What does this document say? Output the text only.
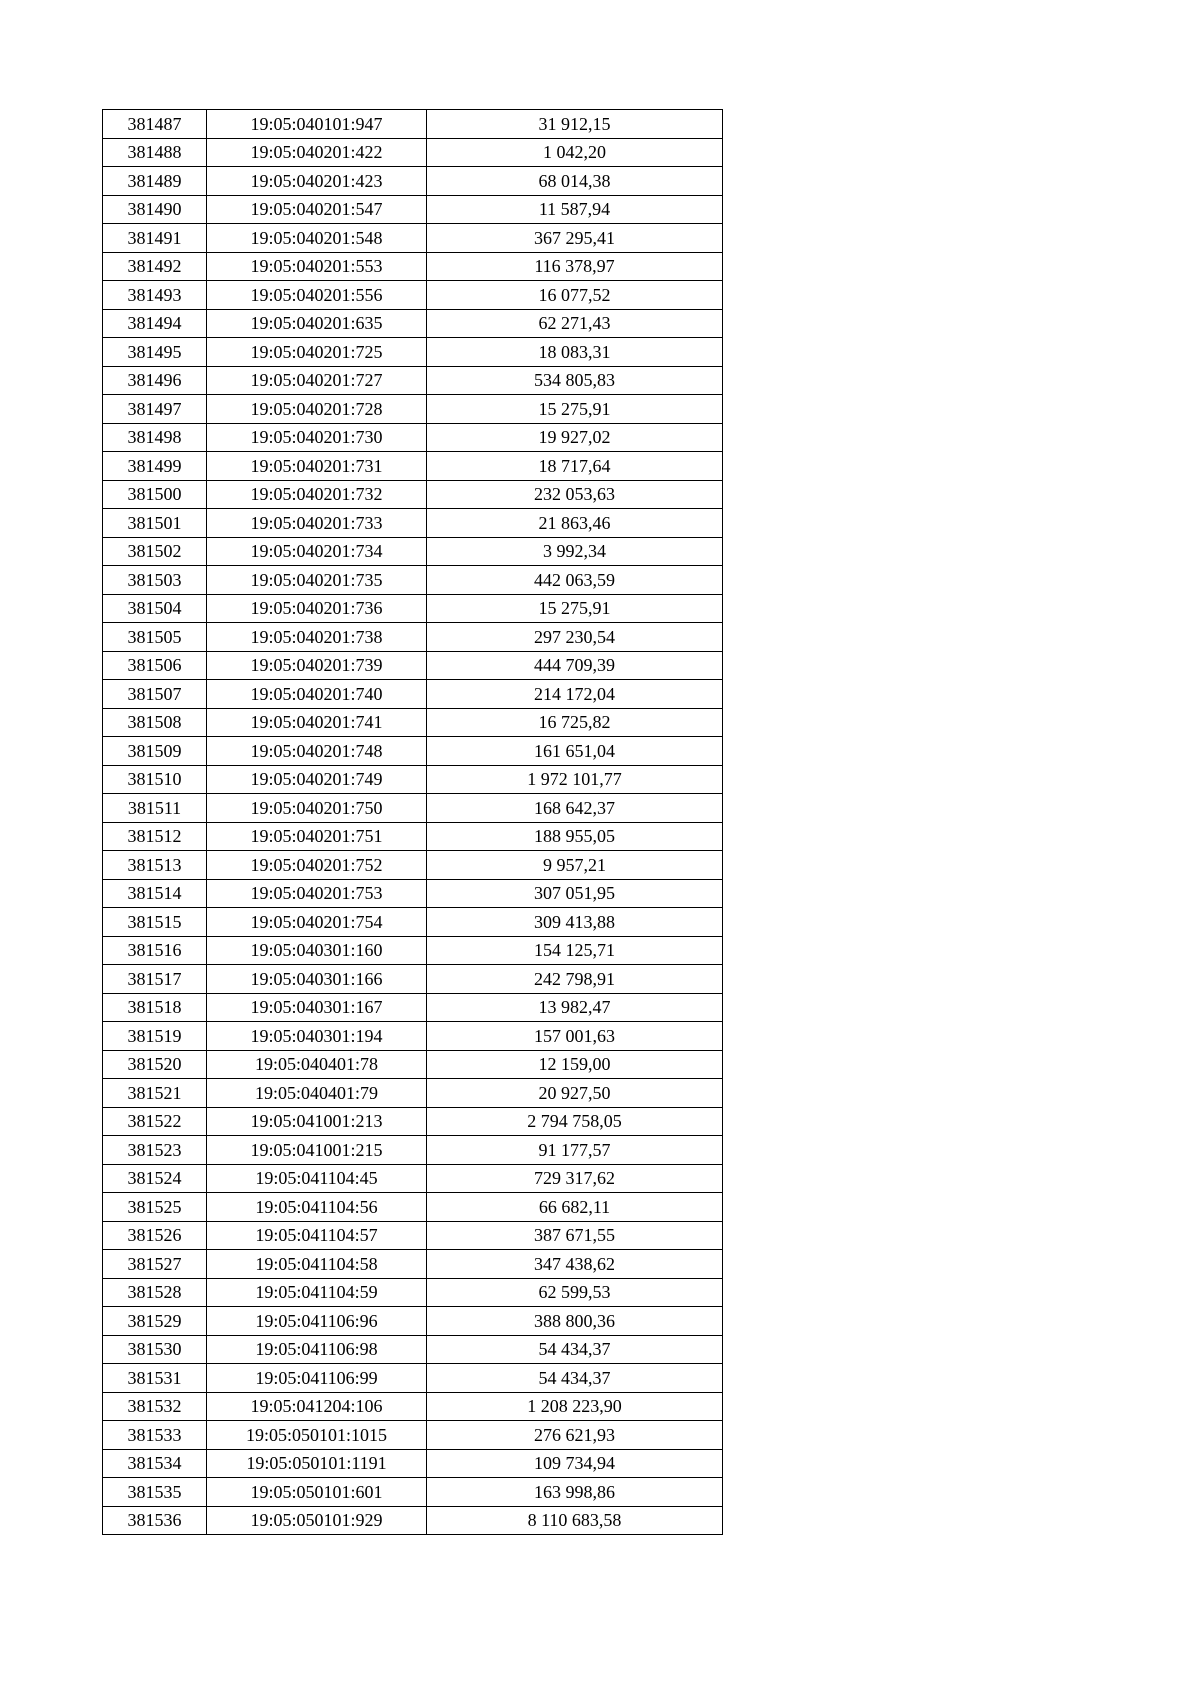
381487	19:05:040101:947	31 912,15
381488	19:05:040201:422	1 042,20
381489	19:05:040201:423	68 014,38
381490	19:05:040201:547	11 587,94
381491	19:05:040201:548	367 295,41
381492	19:05:040201:553	116 378,97
381493	19:05:040201:556	16 077,52
381494	19:05:040201:635	62 271,43
381495	19:05:040201:725	18 083,31
381496	19:05:040201:727	534 805,83
381497	19:05:040201:728	15 275,91
381498	19:05:040201:730	19 927,02
381499	19:05:040201:731	18 717,64
381500	19:05:040201:732	232 053,63
381501	19:05:040201:733	21 863,46
381502	19:05:040201:734	3 992,34
381503	19:05:040201:735	442 063,59
381504	19:05:040201:736	15 275,91
381505	19:05:040201:738	297 230,54
381506	19:05:040201:739	444 709,39
381507	19:05:040201:740	214 172,04
381508	19:05:040201:741	16 725,82
381509	19:05:040201:748	161 651,04
381510	19:05:040201:749	1 972 101,77
381511	19:05:040201:750	168 642,37
381512	19:05:040201:751	188 955,05
381513	19:05:040201:752	9 957,21
381514	19:05:040201:753	307 051,95
381515	19:05:040201:754	309 413,88
381516	19:05:040301:160	154 125,71
381517	19:05:040301:166	242 798,91
381518	19:05:040301:167	13 982,47
381519	19:05:040301:194	157 001,63
381520	19:05:040401:78	12 159,00
381521	19:05:040401:79	20 927,50
381522	19:05:041001:213	2 794 758,05
381523	19:05:041001:215	91 177,57
381524	19:05:041104:45	729 317,62
381525	19:05:041104:56	66 682,11
381526	19:05:041104:57	387 671,55
381527	19:05:041104:58	347 438,62
381528	19:05:041104:59	62 599,53
381529	19:05:041106:96	388 800,36
381530	19:05:041106:98	54 434,37
381531	19:05:041106:99	54 434,37
381532	19:05:041204:106	1 208 223,90
381533	19:05:050101:1015	276 621,93
381534	19:05:050101:1191	109 734,94
381535	19:05:050101:601	163 998,86
381536	19:05:050101:929	8 110 683,58
